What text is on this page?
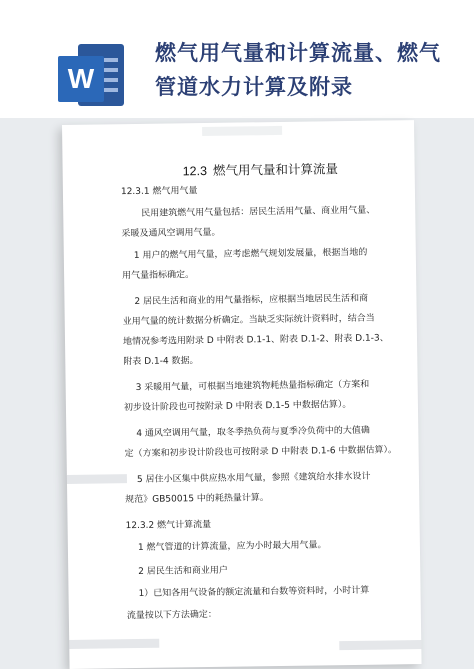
W
燃气用气量和计算流量、燃气
管道水力计算及附录
12.3 燃气用气量和计算流量
12.3.1 燃气用气量
民用建筑燃气用气量包括：居民生活用气量、商业用气量、
采暖及通风空调用气量。
1 用户的燃气用气量，应考虑燃气规划发展量，根据当地的
用气量指标确定。
2 居民生活和商业的用气量指标，应根据当地居民生活和商
业用气量的统计数据分析确定。当缺乏实际统计资料时，结合当
地情况参考选用附录 D 中附表 D.1-1、附表 D.1-2、附表 D.1-3、
附表 D.1-4 数据。
3 采暖用气量，可根据当地建筑物耗热量指标确定（方案和
初步设计阶段也可按附录 D 中附表 D.1-5 中数据估算）。
4 通风空调用气量，取冬季热负荷与夏季冷负荷中的大值确
定（方案和初步设计阶段也可按附录 D 中附表 D.1-6 中数据估算）。
5 居住小区集中供应热水用气量，参照《建筑给水排水设计
规范》GB50015 中的耗热量计算。
12.3.2 燃气计算流量
1 燃气管道的计算流量，应为小时最大用气量。
2 居民生活和商业用户
1）已知各用气设备的额定流量和台数等资料时，小时计算
流量按以下方法确定：
